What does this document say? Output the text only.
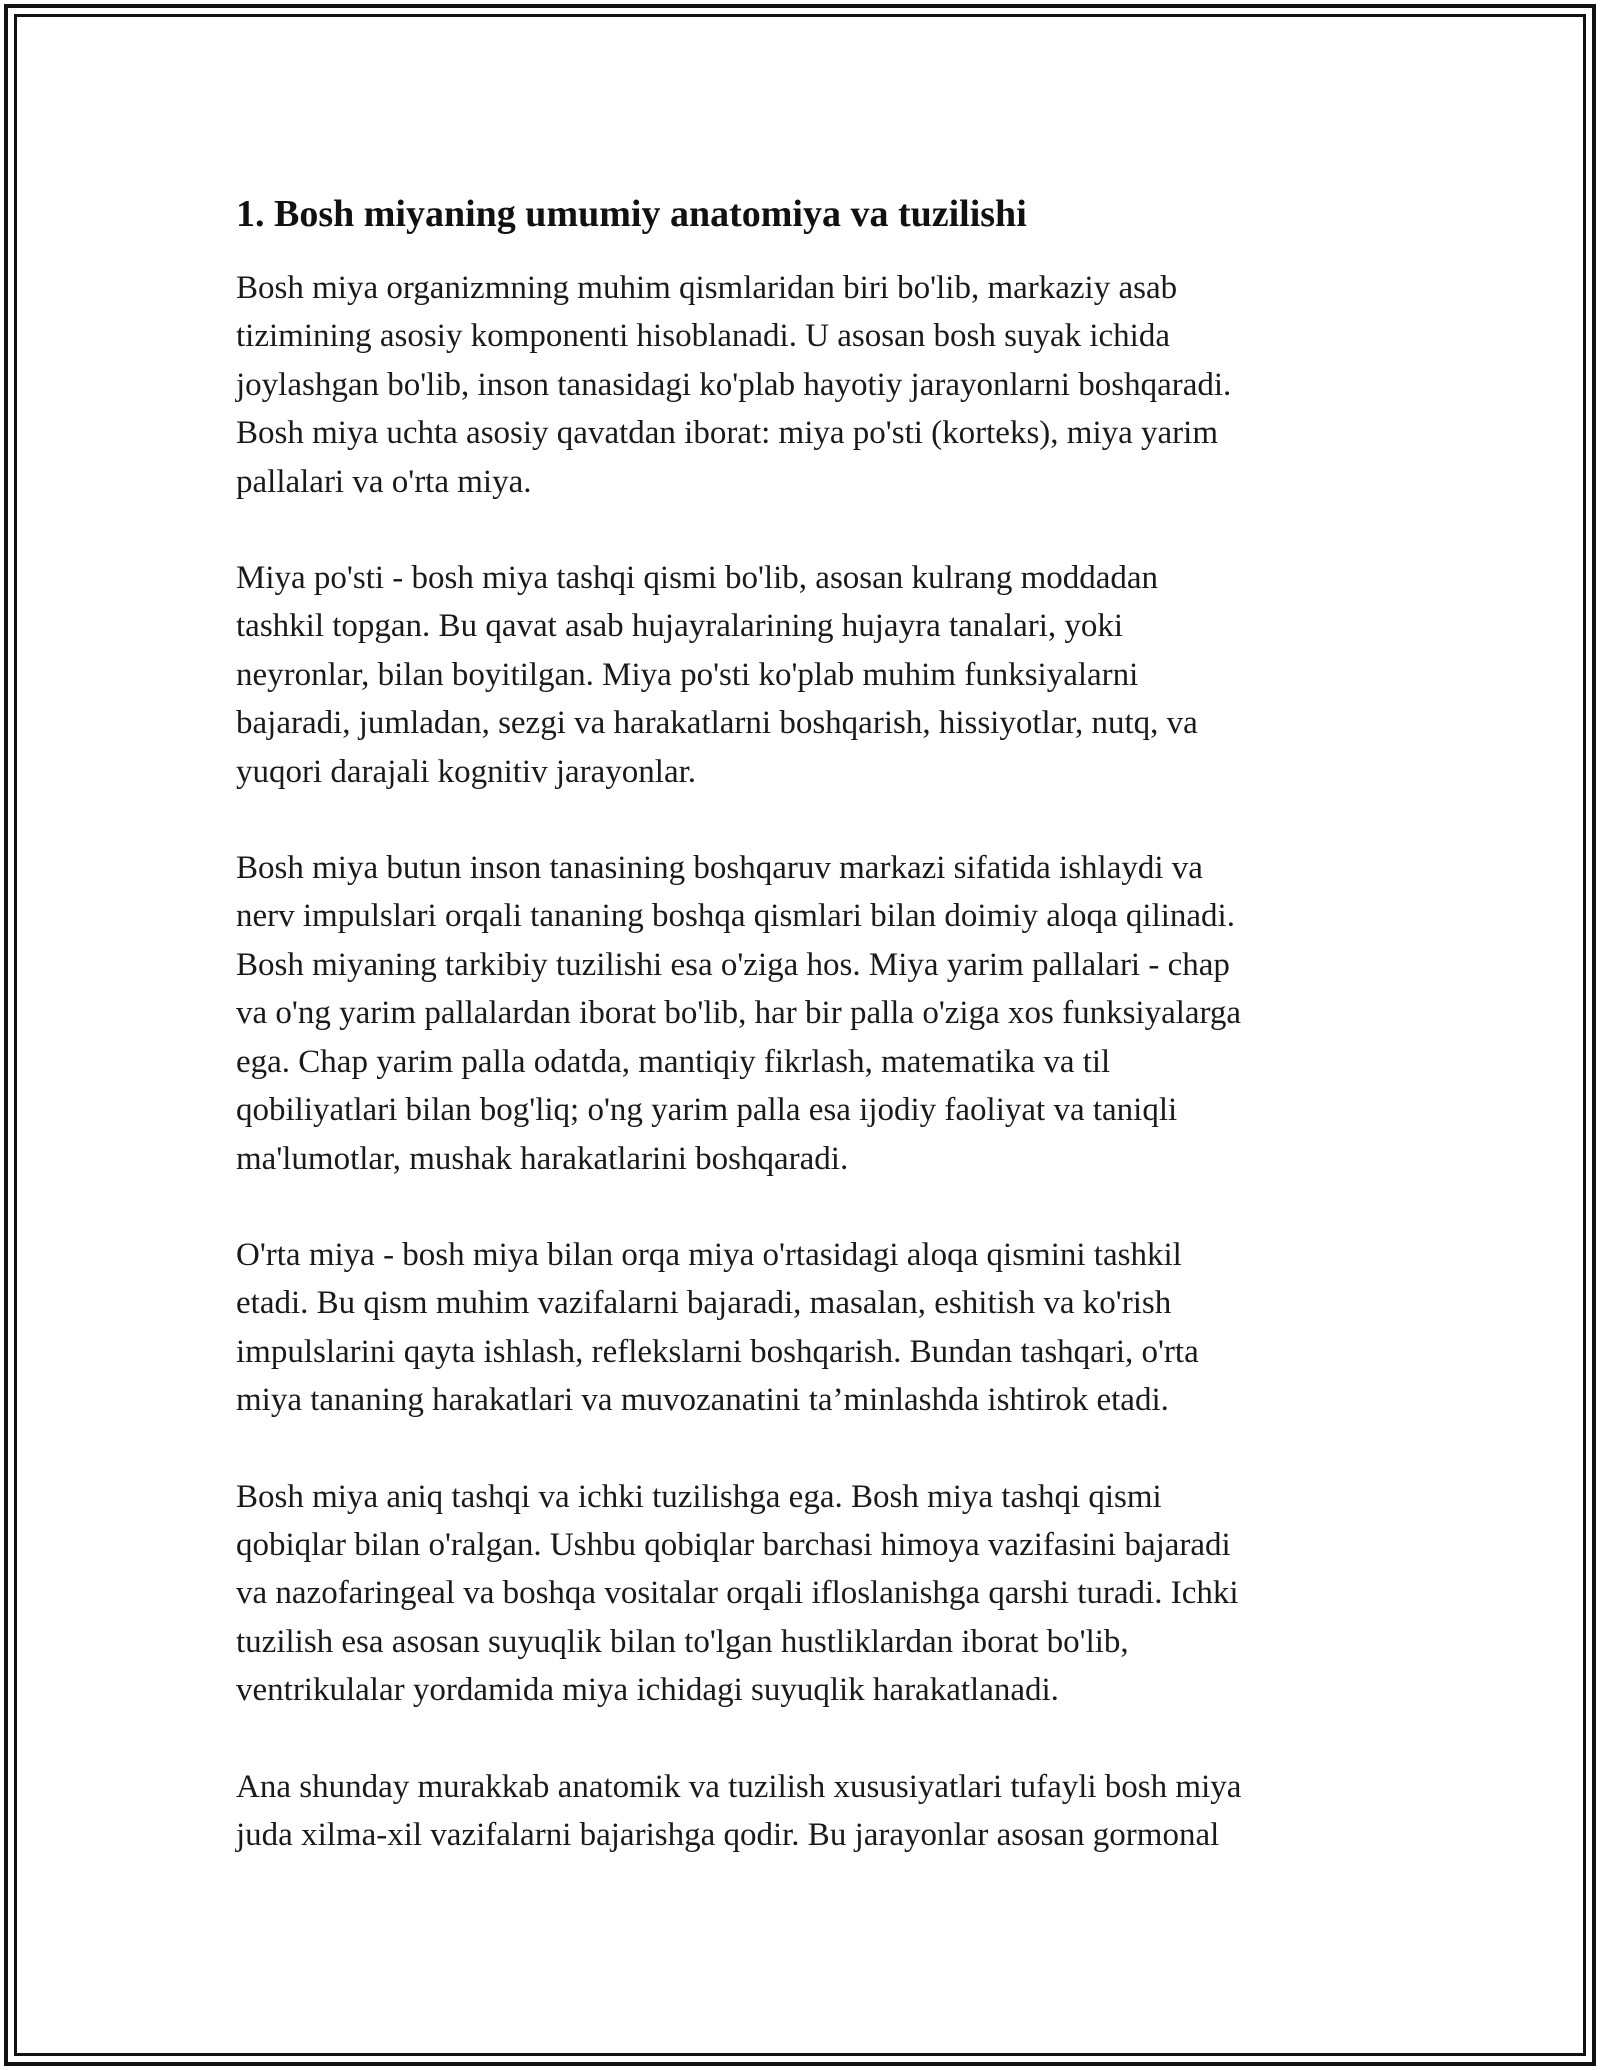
1. Bosh miyaning umumiy anatomiya va tuzilishi

Bosh miya organizmning muhim qismlaridan biri bo'lib, markaziy asab
tizimining asosiy komponenti hisoblanadi. U asosan bosh suyak ichida
joylashgan bo'lib, inson tanasidagi ko'plab hayotiy jarayonlarni boshqaradi.
Bosh miya uchta asosiy qavatdan iborat: miya po'sti (korteks), miya yarim
pallalari va o'rta miya.

Miya po'sti - bosh miya tashqi qismi bo'lib, asosan kulrang moddadan
tashkil topgan. Bu qavat asab hujayralarining hujayra tanalari, yoki
neyronlar, bilan boyitilgan. Miya po'sti ko'plab muhim funksiyalarni
bajaradi, jumladan, sezgi va harakatlarni boshqarish, hissiyotlar, nutq, va
yuqori darajali kognitiv jarayonlar.

Bosh miya butun inson tanasining boshqaruv markazi sifatida ishlaydi va
nerv impulslari orqali tananing boshqa qismlari bilan doimiy aloqa qilinadi.
Bosh miyaning tarkibiy tuzilishi esa o'ziga hos. Miya yarim pallalari - chap
va o'ng yarim pallalardan iborat bo'lib, har bir palla o'ziga xos funksiyalarga
ega. Chap yarim palla odatda, mantiqiy fikrlash, matematika va til
qobiliyatlari bilan bog'liq; o'ng yarim palla esa ijodiy faoliyat va taniqli
ma'lumotlar, mushak harakatlarini boshqaradi.

O'rta miya - bosh miya bilan orqa miya o'rtasidagi aloqa qismini tashkil
etadi. Bu qism muhim vazifalarni bajaradi, masalan, eshitish va ko'rish
impulslarini qayta ishlash, reflekslarni boshqarish. Bundan tashqari, o'rta
miya tananing harakatlari va muvozanatini ta’minlashda ishtirok etadi.

Bosh miya aniq tashqi va ichki tuzilishga ega. Bosh miya tashqi qismi
qobiqlar bilan o'ralgan. Ushbu qobiqlar barchasi himoya vazifasini bajaradi
va nazofaringeal va boshqa vositalar orqali ifloslanishga qarshi turadi. Ichki
tuzilish esa asosan suyuqlik bilan to'lgan hustliklardan iborat bo'lib,
ventrikulalar yordamida miya ichidagi suyuqlik harakatlanadi.

Ana shunday murakkab anatomik va tuzilish xususiyatlari tufayli bosh miya
juda xilma-xil vazifalarni bajarishga qodir. Bu jarayonlar asosan gormonal
